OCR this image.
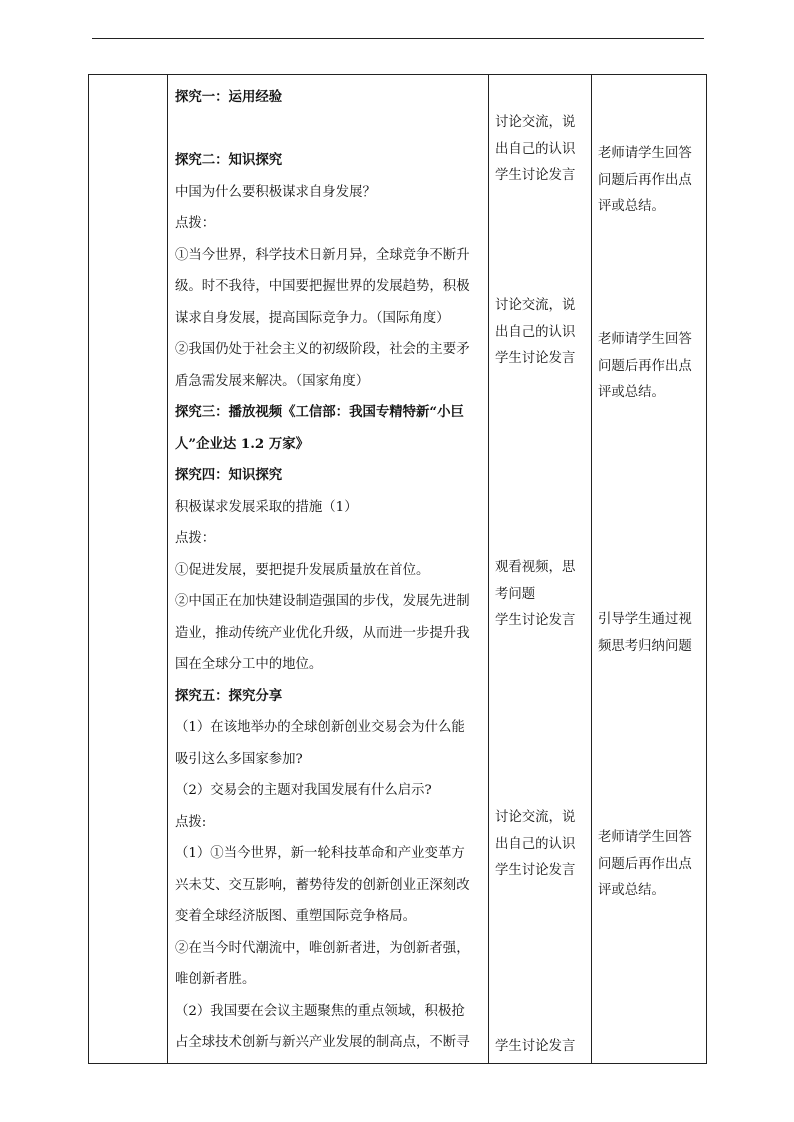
探究一：运用经验
探究二：知识探究
中国为什么要积极谋求自身发展？
点拨：
①当今世界，科学技术日新月异，全球竞争不断升
级。时不我待，中国要把握世界的发展趋势，积极
谋求自身发展，提高国际竞争力。（国际角度）
②我国仍处于社会主义的初级阶段，社会的主要矛
盾急需发展来解决。（国家角度）
探究三：播放视频《工信部：我国专精特新“小巨
人”企业达 1.2 万家》
探究四：知识探究
积极谋求发展采取的措施（1）
点拨：
①促进发展，要把提升发展质量放在首位。
②中国正在加快建设制造强国的步伐，发展先进制
造业，推动传统产业优化升级，从而进一步提升我
国在全球分工中的地位。
探究五：探究分享
（1）在该地举办的全球创新创业交易会为什么能
吸引这么多国家参加?
（2）交易会的主题对我国发展有什么启示?
点拨:
（1）①当今世界，新一轮科技革命和产业变革方
兴未艾、交互影响，蓄势待发的创新创业正深刻改
变着全球经济版图、重塑国际竞争格局。
②在当今时代潮流中，唯创新者进，为创新者强，
唯创新者胜。
（2）我国要在会议主题聚焦的重点领域，积极抢
占全球技术创新与新兴产业发展的制高点，不断寻
讨论交流，说
出自己的认识
学生讨论发言
讨论交流，说
出自己的认识
学生讨论发言
观看视频，思
考问题
学生讨论发言
讨论交流，说
出自己的认识
学生讨论发言
学生讨论发言
老师请学生回答
问题后再作出点
评或总结。
老师请学生回答
问题后再作出点
评或总结。
引导学生通过视
频思考归纳问题
老师请学生回答
问题后再作出点
评或总结。
